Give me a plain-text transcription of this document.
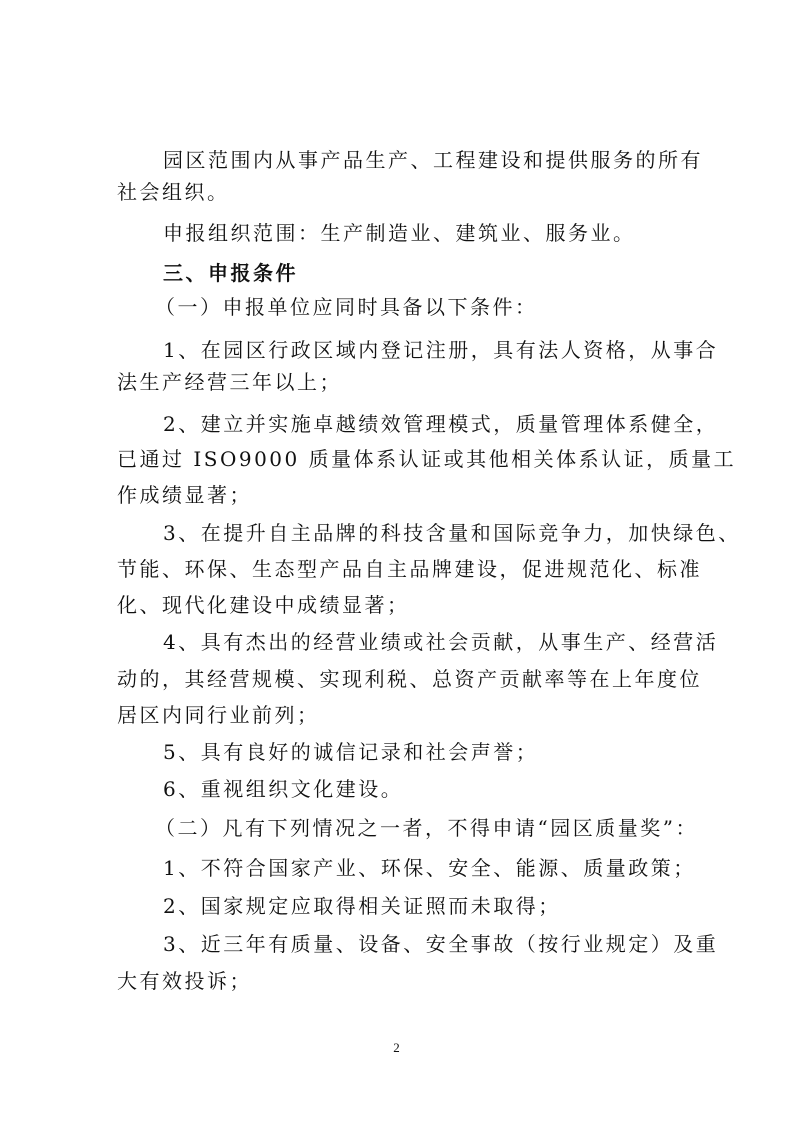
园区范围内从事产品生产、工程建设和提供服务的所有
社会组织。
申报组织范围：生产制造业、建筑业、服务业。
三、申报条件
（一）申报单位应同时具备以下条件：
1、在园区行政区域内登记注册，具有法人资格，从事合
法生产经营三年以上；
2、建立并实施卓越绩效管理模式，质量管理体系健全，
已通过 ISO9000 质量体系认证或其他相关体系认证，质量工
作成绩显著；
3、在提升自主品牌的科技含量和国际竞争力，加快绿色、
节能、环保、生态型产品自主品牌建设，促进规范化、标准
化、现代化建设中成绩显著；
4、具有杰出的经营业绩或社会贡献，从事生产、经营活
动的，其经营规模、实现利税、总资产贡献率等在上年度位
居区内同行业前列；
5、具有良好的诚信记录和社会声誉；
6、重视组织文化建设。
（二）凡有下列情况之一者，不得申请“园区质量奖”：
1、不符合国家产业、环保、安全、能源、质量政策；
2、国家规定应取得相关证照而未取得；
3、近三年有质量、设备、安全事故（按行业规定）及重
大有效投诉；
2
